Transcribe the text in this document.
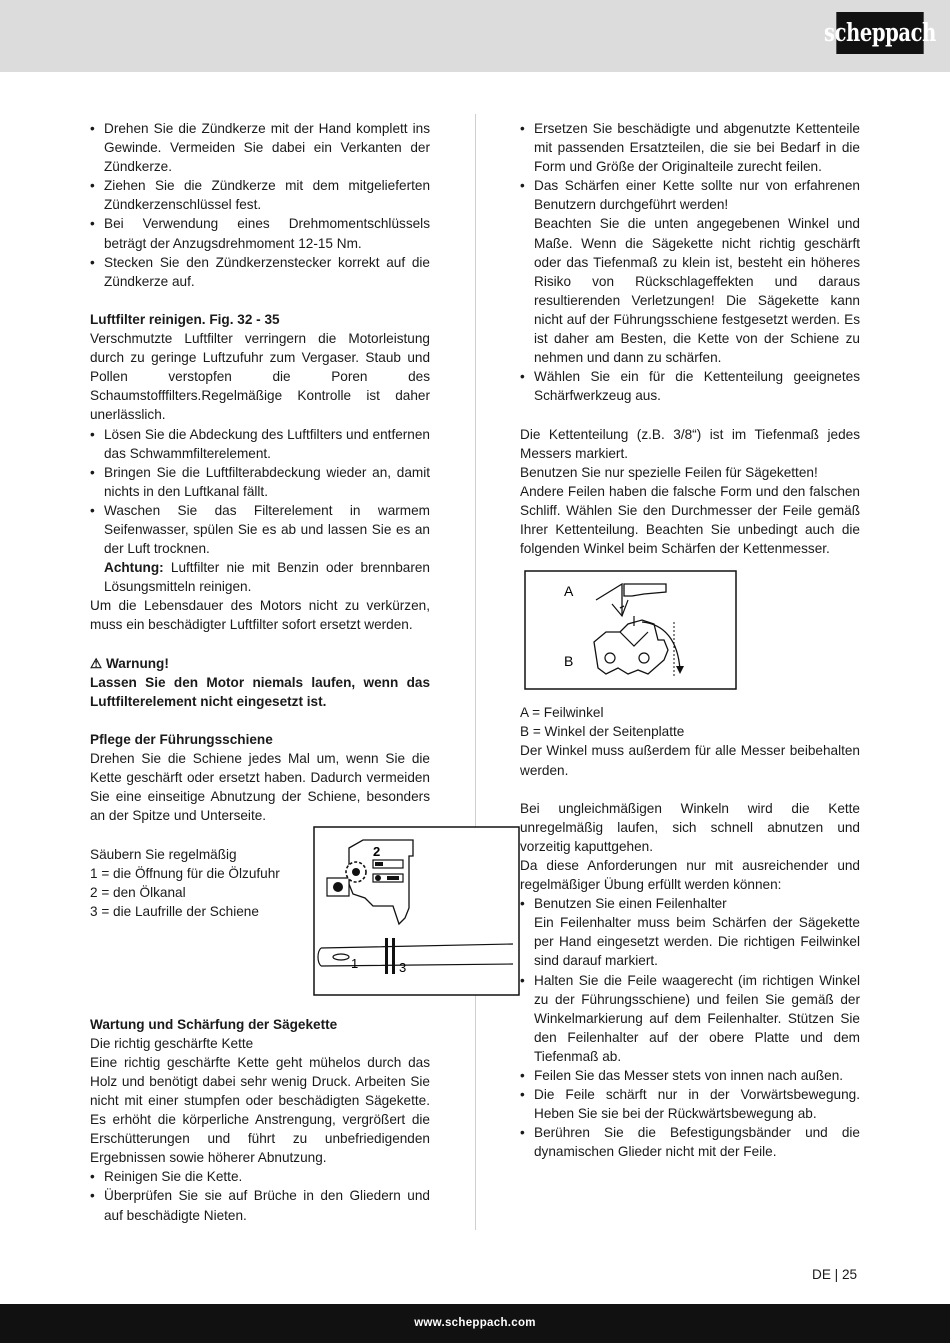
scheppach
• Drehen Sie die Zündkerze mit der Hand komplett ins Gewinde. Vermeiden Sie dabei ein Verkanten der Zündkerze.
• Ziehen Sie die Zündkerze mit dem mitgelieferten Zündkerzenschlüssel fest.
• Bei Verwendung eines Drehmomentschlüssels beträgt der Anzugsdrehmoment 12-15 Nm.
• Stecken Sie den Zündkerzenstecker korrekt auf die Zündkerze auf.

Luftfilter reinigen. Fig. 32 - 35

Verschmutzte Luftfilter verringern die Motorleistung durch zu geringe Luftzufuhr zum Vergaser. Staub und Pollen verstopfen die Poren des Schaumstofffilters.Regelmäßige Kontrolle ist daher unerlässlich.

• Lösen Sie die Abdeckung des Luftfilters und entfernen das Schwammfilterelement.
• Bringen Sie die Luftfilterabdeckung wieder an, damit nichts in den Luftkanal fällt.
• Waschen Sie das Filterelement in warmem Seifenwasser, spülen Sie es ab und lassen Sie es an der Luft trocknen.

Achtung: Luftfilter nie mit Benzin oder brennbaren Lösungsmitteln reinigen.

Um die Lebensdauer des Motors nicht zu verkürzen, muss ein beschädigter Luftfilter sofort ersetzt werden.

⚠ Warnung!

Lassen Sie den Motor niemals laufen, wenn das Luftfilterelement nicht eingesetzt ist.

Pflege der Führungsschiene

Drehen Sie die Schiene jedes Mal um, wenn Sie die Kette geschärft oder ersetzt haben. Dadurch vermeiden Sie eine einseitige Abnutzung der Schiene, besonders an der Spitze und Unterseite.

Säubern Sie regelmäßig

1 = die Öffnung für die Ölzufuhr

2 = den Ölkanal

3 = die Laufrille der Schiene

2
1	3

Wartung und Schärfung der Sägekette

Die richtig geschärfte Kette

Eine richtig geschärfte Kette geht mühelos durch das Holz und benötigt dabei sehr wenig Druck. Arbeiten Sie nicht mit einer stumpfen oder beschädigten Sägekette. Es erhöht die körperliche Anstrengung, vergrößert die Erschütterungen und führt zu unbefriedigenden Ergebnissen sowie höherer Abnutzung.

• Reinigen Sie die Kette.
• Überprüfen Sie sie auf Brüche in den Gliedern und auf beschädigte Nieten.
• Ersetzen Sie beschädigte und abgenutzte Kettenteile mit passenden Ersatzteilen, die sie bei Bedarf in die Form und Größe der Originalteile zurecht feilen.
• Das Schärfen einer Kette sollte nur von erfahrenen Benutzern durchgeführt werden!

Beachten Sie die unten angegebenen Winkel und Maße. Wenn die Sägekette nicht richtig geschärft oder das Tiefenmaß zu klein ist, besteht ein höheres Risiko von Rückschlageffekten und daraus resultierenden Verletzungen! Die Sägekette kann nicht auf der Führungsschiene festgesetzt werden. Es ist daher am Besten, die Kette von der Schiene zu nehmen und dann zu schärfen.

• Wählen Sie ein für die Kettenteilung geeignetes Schärfwerkzeug aus.

Die Kettenteilung (z.B. 3/8“) ist im Tiefenmaß jedes Messers markiert.

Benutzen Sie nur spezielle Feilen für Sägeketten!

Andere Feilen haben die falsche Form und den falschen Schliff. Wählen Sie den Durchmesser der Feile gemäß Ihrer Kettenteilung. Beachten Sie unbedingt auch die folgenden Winkel beim Schärfen der Kettenmesser.

A
B

A = Feilwinkel

B = Winkel der Seitenplatte

Der Winkel muss außerdem für alle Messer beibehalten werden.

Bei ungleichmäßigen Winkeln wird die Kette unregelmäßig laufen, sich schnell abnutzen und vorzeitig kaputtgehen.

Da diese Anforderungen nur mit ausreichender und regelmäßiger Übung erfüllt werden können:

• Benutzen Sie einen Feilenhalter

Ein Feilenhalter muss beim Schärfen der Sägekette per Hand eingesetzt werden. Die richtigen Feilwinkel sind darauf markiert.

• Halten Sie die Feile waagerecht (im richtigen Winkel zu der Führungsschiene) und feilen Sie gemäß der Winkelmarkierung auf dem Feilenhalter. Stützen Sie den Feilenhalter auf der obere Platte und dem Tiefenmaß ab.
• Feilen Sie das Messer stets von innen nach außen.
• Die Feile schärft nur in der Vorwärtsbewegung. Heben Sie sie bei der Rückwärtsbewegung ab.
• Berühren Sie die Befestigungsbänder und die dynamischen Glieder nicht mit der Feile.
DE | 25
www.scheppach.com
